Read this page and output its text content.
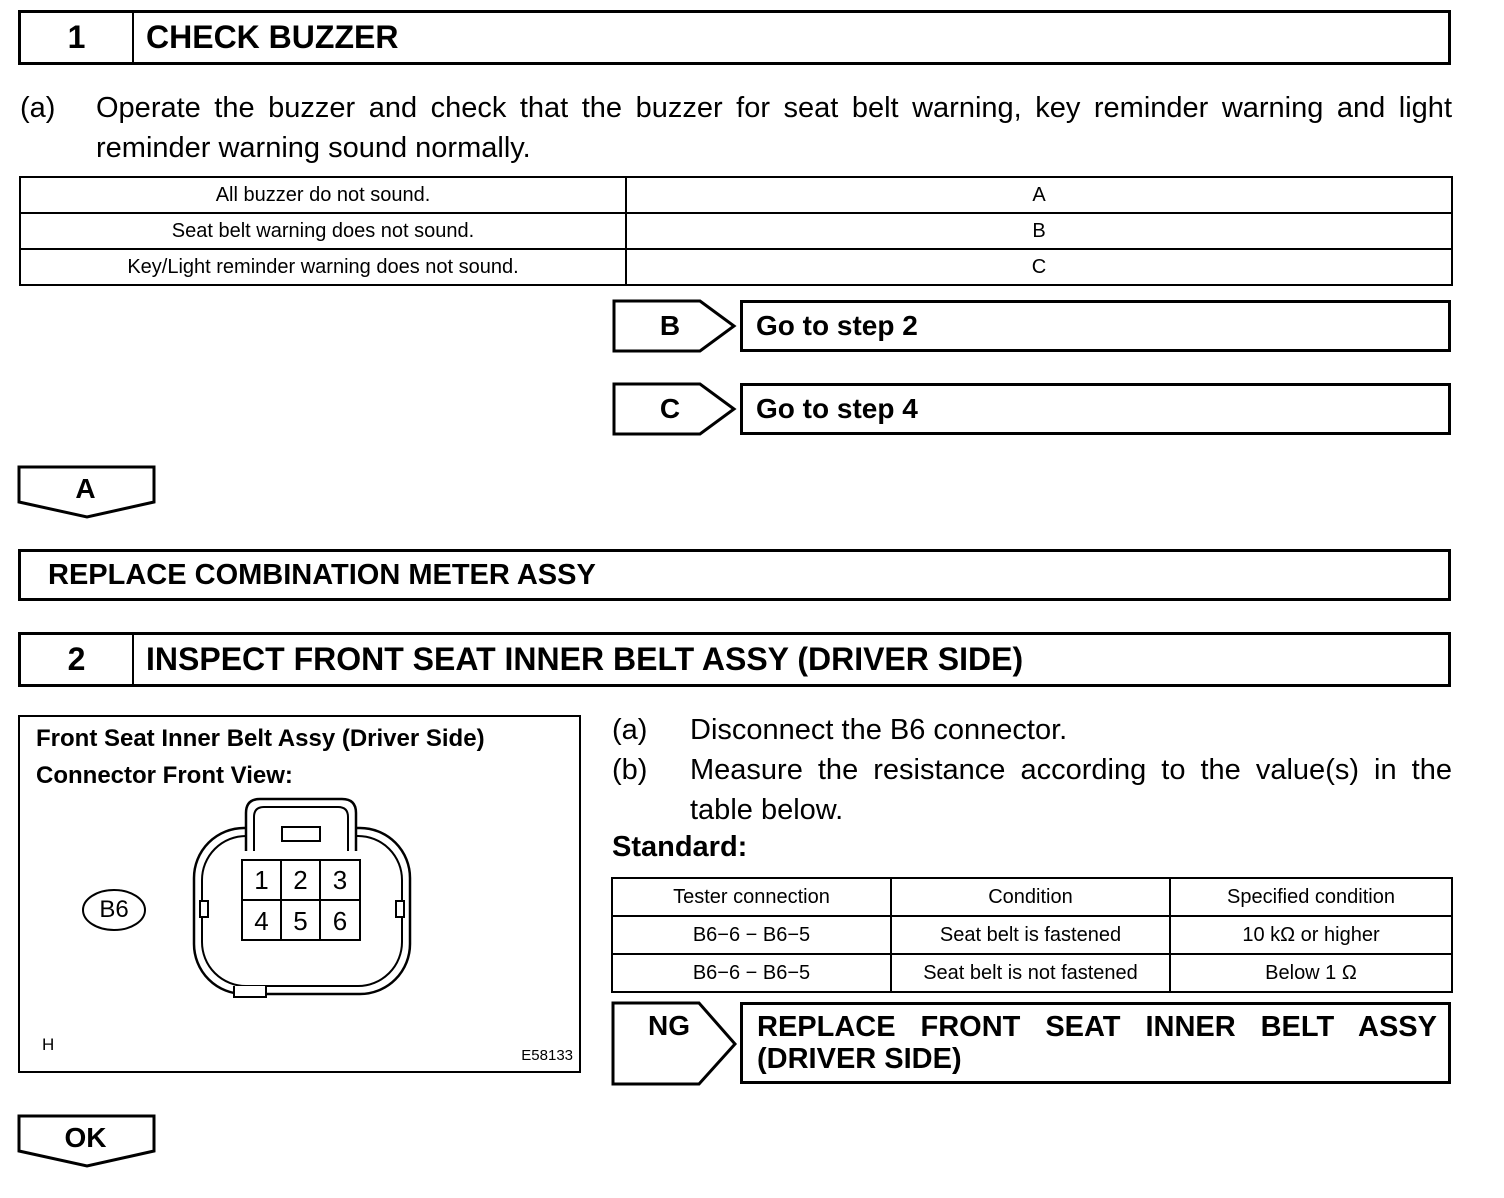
1	CHECK BUZZER
(a) Operate the buzzer and check that the buzzer for seat belt warning, key reminder warning and light reminder warning sound normally.
All buzzer do not sound.	A
Seat belt warning does not sound.	B
Key/Light reminder warning does not sound.	C
B	Go to step 2
C	Go to step 4
A
REPLACE COMBINATION METER ASSY
2	INSPECT FRONT SEAT INNER BELT ASSY (DRIVER SIDE)
Front Seat Inner Belt Assy (Driver Side)
Connector Front View:
B6
1 2 3
4 5 6
H
E58133
(a) Disconnect the B6 connector.
(b) Measure the resistance according to the value(s) in the table below.
Standard:
Tester connection	Condition	Specified condition
B6−6 − B6−5	Seat belt is fastened	10 kΩ or higher
B6−6 − B6−5	Seat belt is not fastened	Below 1 Ω
NG	REPLACE FRONT SEAT INNER BELT ASSY (DRIVER SIDE)
OK
